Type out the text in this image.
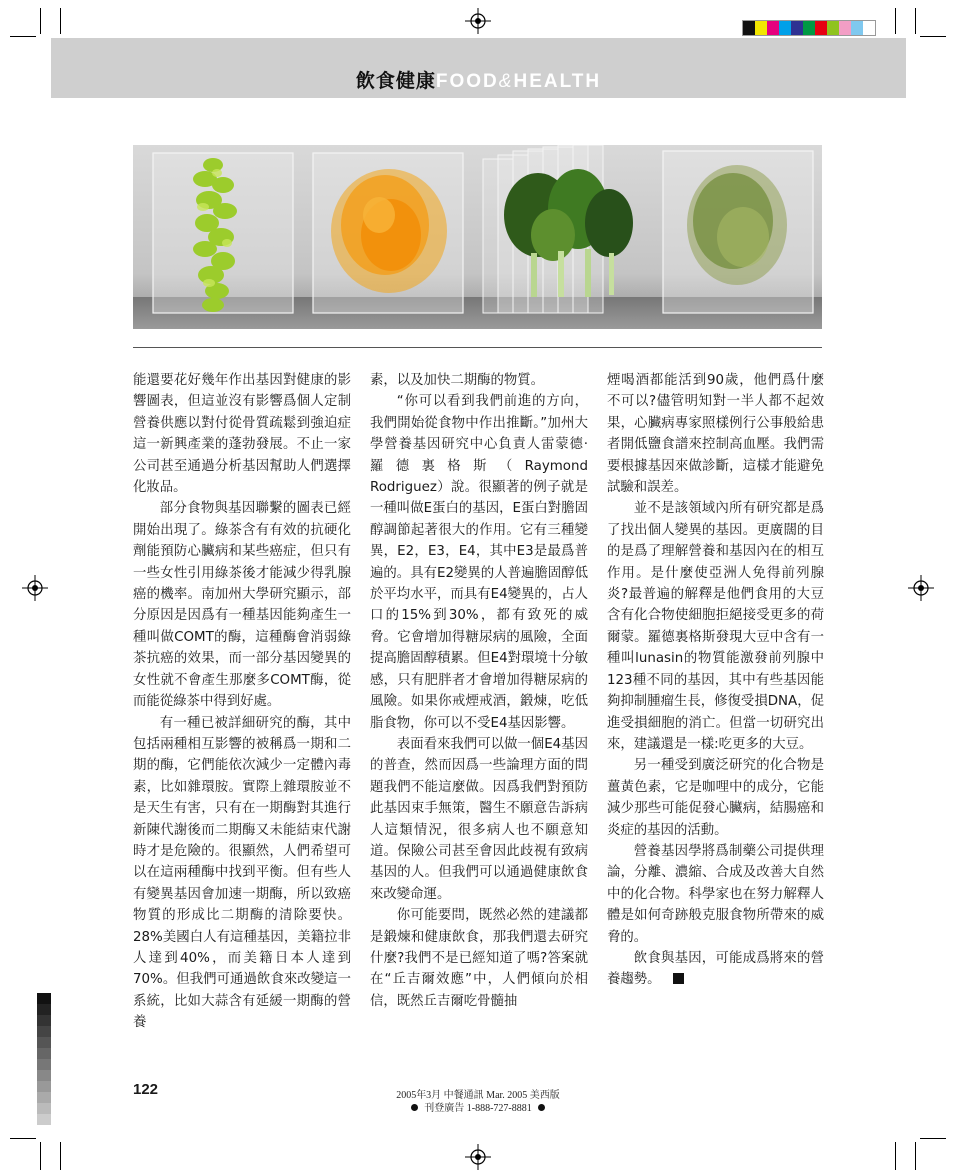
飲食健康FOOD&HEALTH

能還要花好幾年作出基因對健康的影響圖表，但這並沒有影響爲個人定制營養供應以對付從骨質疏鬆到強迫症這一新興產業的蓬勃發展。不止一家公司甚至通過分析基因幫助人們選擇化妝品。

部分食物與基因聯繫的圖表已經開始出現了。綠茶含有有效的抗硬化劑能預防心臟病和某些癌症，但只有一些女性引用綠茶後才能減少得乳腺癌的機率。南加州大學研究顯示，部分原因是因爲有一種基因能夠產生一種叫做COMT的酶，這種酶會消弱綠茶抗癌的效果，而一部分基因變異的女性就不會產生那麼多COMT酶，從而能從綠茶中得到好處。

有一種已被詳細研究的酶，其中包括兩種相互影響的被稱爲一期和二期的酶，它們能依次減少一定體內毒素，比如雜環胺。實際上雜環胺並不是天生有害，只有在一期酶對其進行新陳代謝後而二期酶又未能結束代謝時才是危險的。很顯然，人們希望可以在這兩種酶中找到平衡。但有些人有變異基因會加速一期酶，所以致癌物質的形成比二期酶的清除要快。28%美國白人有這種基因，美籍拉非人達到40%，而美籍日本人達到70%。但我們可通過飲食來改變這一系統，比如大蒜含有延緩一期酶的營養

素，以及加快二期酶的物質。

“你可以看到我們前進的方向，我們開始從食物中作出推斷。”加州大學營養基因研究中心負責人雷蒙德·羅德裏格斯（Raymond Rodriguez）說。很顯著的例子就是一種叫做E蛋白的基因，E蛋白對膽固醇調節起著很大的作用。它有三種變異，E2，E3，E4，其中E3是最爲普遍的。具有E2變異的人普遍膽固醇低於平均水平，而具有E4變異的，占人口的15%到30%，都有致死的威脅。它會增加得糖尿病的風險，全面提高膽固醇積累。但E4對環境十分敏感，只有肥胖者才會增加得糖尿病的風險。如果你戒煙戒酒，鍛煉，吃低脂食物，你可以不受E4基因影響。

表面看來我們可以做一個E4基因的普查，然而因爲一些論理方面的問題我們不能這麼做。因爲我們對預防此基因束手無策，醫生不願意告訴病人這類情況，很多病人也不願意知道。保險公司甚至會因此歧視有致病基因的人。但我們可以通過健康飲食來改變命運。

你可能要問，既然必然的建議都是鍛煉和健康飲食，那我們還去研究什麼?我們不是已經知道了嗎?答案就在“丘吉爾效應”中，人們傾向於相信，既然丘吉爾吃骨髓抽

煙喝酒都能活到90歲，他們爲什麼不可以?儘管明知對一半人都不起效果，心臟病專家照樣例行公事般給患者開低鹽食譜來控制高血壓。我們需要根據基因來做診斷，這樣才能避免試驗和誤差。

並不是該領域內所有研究都是爲了找出個人變異的基因。更廣闊的目的是爲了理解營養和基因內在的相互作用。是什麼使亞洲人免得前列腺炎?最普遍的解釋是他們食用的大豆含有化合物使細胞拒絕接受更多的荷爾蒙。羅德裏格斯發現大豆中含有一種叫lunasin的物質能激發前列腺中123種不同的基因，其中有些基因能夠抑制腫瘤生長，修復受損DNA，促進受損細胞的消亡。但當一切研究出來，建議還是一樣:吃更多的大豆。

另一種受到廣泛研究的化合物是薑黃色素，它是咖哩中的成分，它能減少那些可能促發心臟病，結腸癌和炎症的基因的活動。

營養基因學將爲制藥公司提供理論，分離、濃縮、合成及改善大自然中的化合物。科學家也在努力解釋人體是如何奇跡般克服食物所帶來的威脅的。

飲食與基因，可能成爲將來的營養趨勢。

122	2005年3月 中餐通訊 Mar. 2005 美西版
刊登廣告 1-888-727-8881
